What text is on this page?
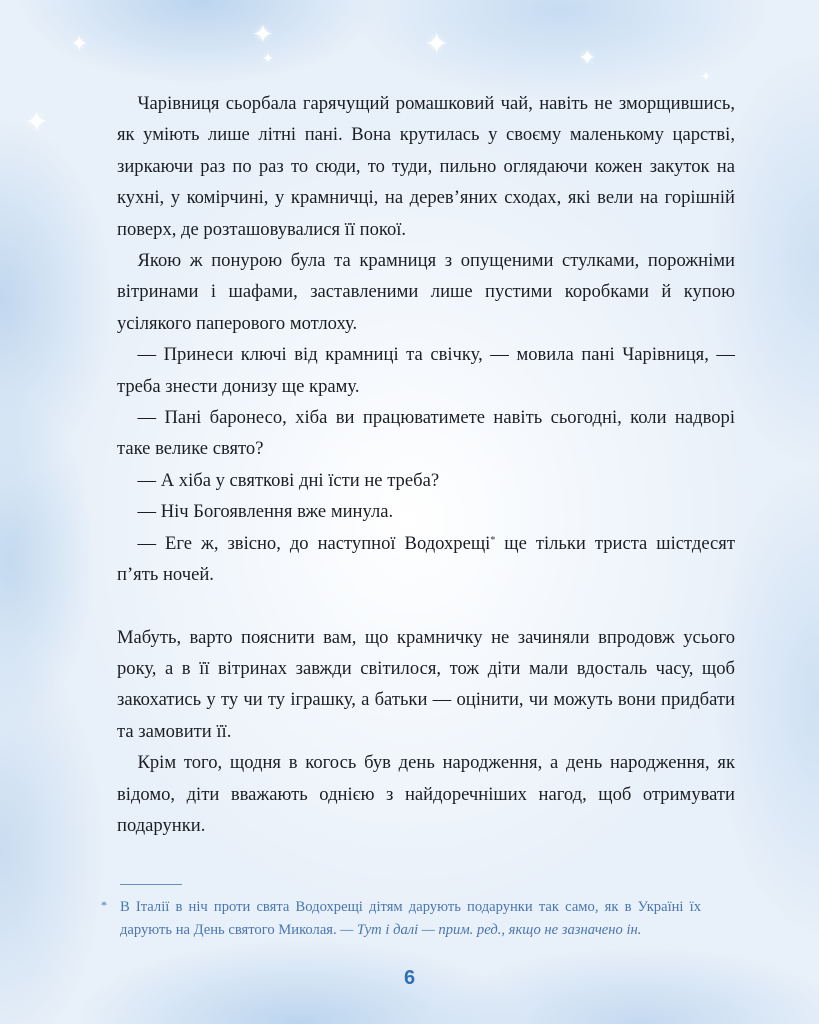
✦	✦
✦	✦	✦
✦
✦

Чарівниця сьорбала гарячущий ромашковий чай, навіть не зморщившись, як уміють лише літні пані. Вона крутилась у своєму маленькому царстві, зиркаючи раз по раз то сюди, то туди, пильно оглядаючи кожен закуток на кухні, у комірчині, у крамничці, на дерев’яних сходах, які вели на горішній поверх, де розташовувалися її покої.

Якою ж понурою була та крамниця з опущеними стулками, порожніми вітринами і шафами, заставленими лише пустими коробками й купою усілякого паперового мотлоху.

— Принеси ключі від крамниці та свічку, — мовила пані Чарівниця, — треба знести донизу ще краму.

— Пані баронесо, хіба ви працюватимете навіть сьогодні, коли надворі таке велике свято?

— А хіба у святкові дні їсти не треба?

— Ніч Богоявлення вже минула.

— Еге ж, звісно, до наступної Водохрещі* ще тільки триста шістдесят п’ять ночей.

Мабуть, варто пояснити вам, що крамничку не зачиняли впродовж усього року, а в її вітринах завжди світилося, тож діти мали вдосталь часу, щоб закохатись у ту чи ту іграшку, а батьки — оцінити, чи можуть вони придбати та замовити її.

Крім того, щодня в когось був день народження, а день народження, як відомо, діти вважають однією з найдоречніших нагод, щоб отримувати подарунки.

* В Італії в ніч проти свята Водохрещі дітям дарують подарунки так само, як в Україні їх дарують на День святого Миколая. — Тут і далі — прим. ред., якщо не зазначено ін.
6
